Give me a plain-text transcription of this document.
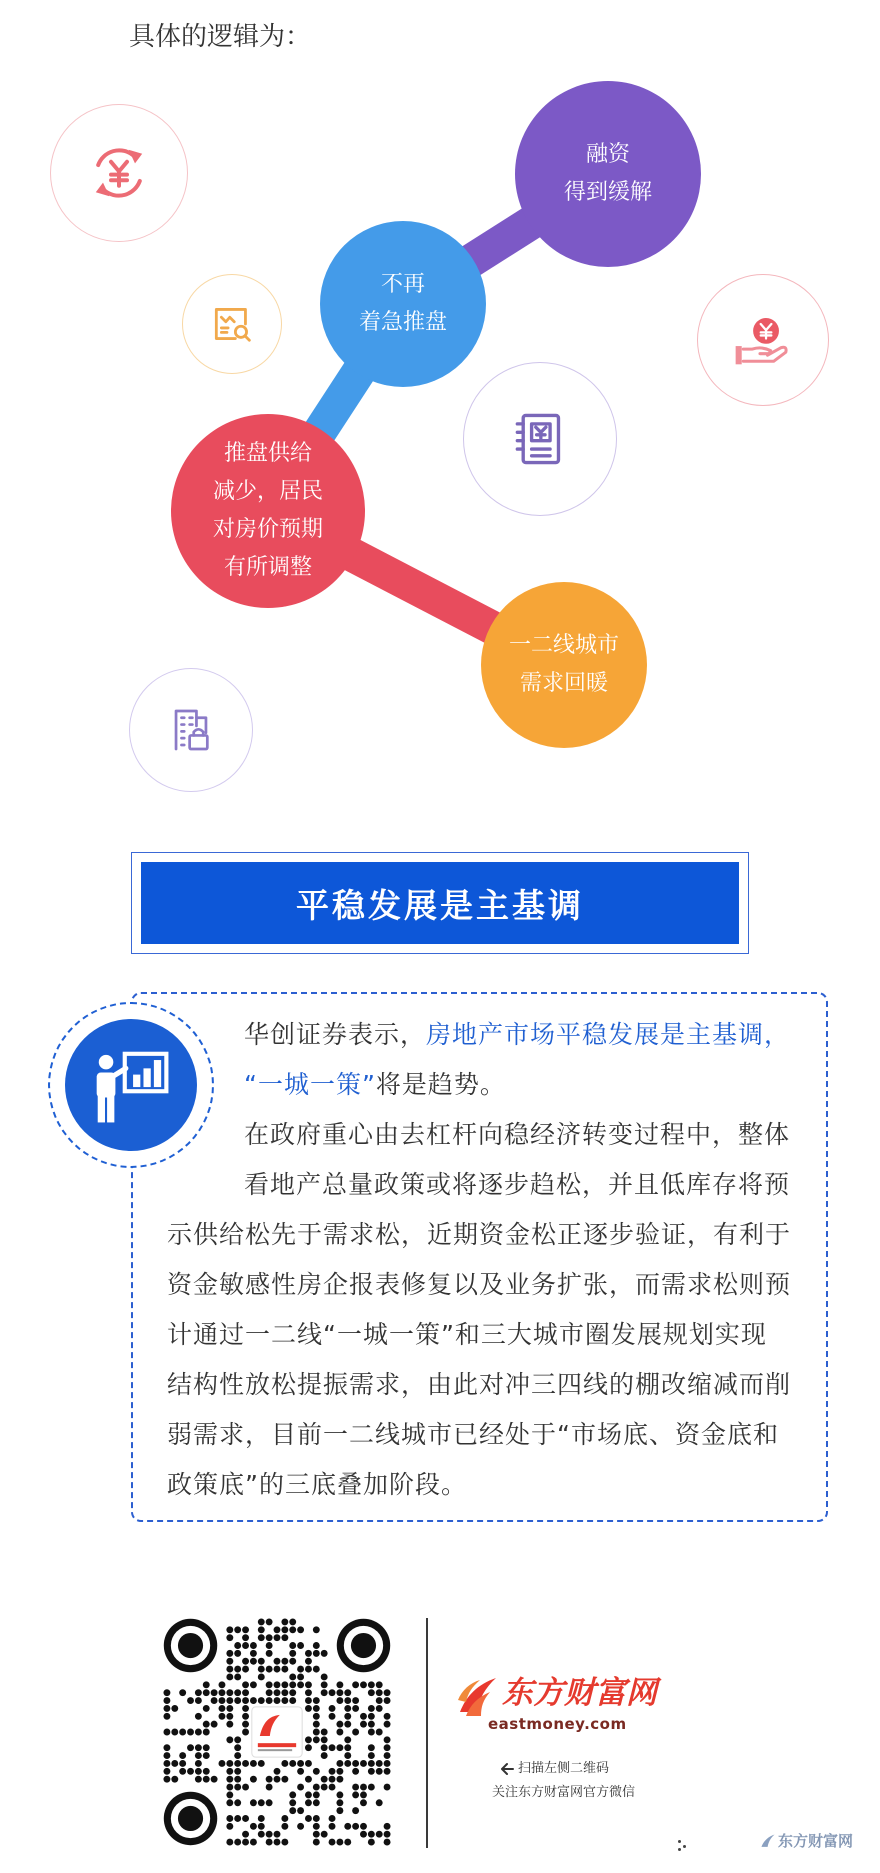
具体的逻辑为：
融资
得到缓解
不再
着急推盘
推盘供给
减少，居民
对房价预期
有所调整
一二线城市
需求回暖
平稳发展是主基调
华创证券表示，房地产市场平稳发展是主基调，
“一城一策”将是趋势。
在政府重心由去杠杆向稳经济转变过程中，整体
看地产总量政策或将逐步趋松，并且低库存将预
示供给松先于需求松，近期资金松正逐步验证，有利于
资金敏感性房企报表修复以及业务扩张，而需求松则预
计通过一二线“一城一策”和三大城市圈发展规划实现
结构性放松提振需求，由此对冲三四线的棚改缩减而削
弱需求，目前一二线城市已经处于“市场底、资金底和
政策底”的三底叠加阶段。
东方财富网
eastmoney.com
扫描左侧二维码
关注东方财富网官方微信
东方财富网
